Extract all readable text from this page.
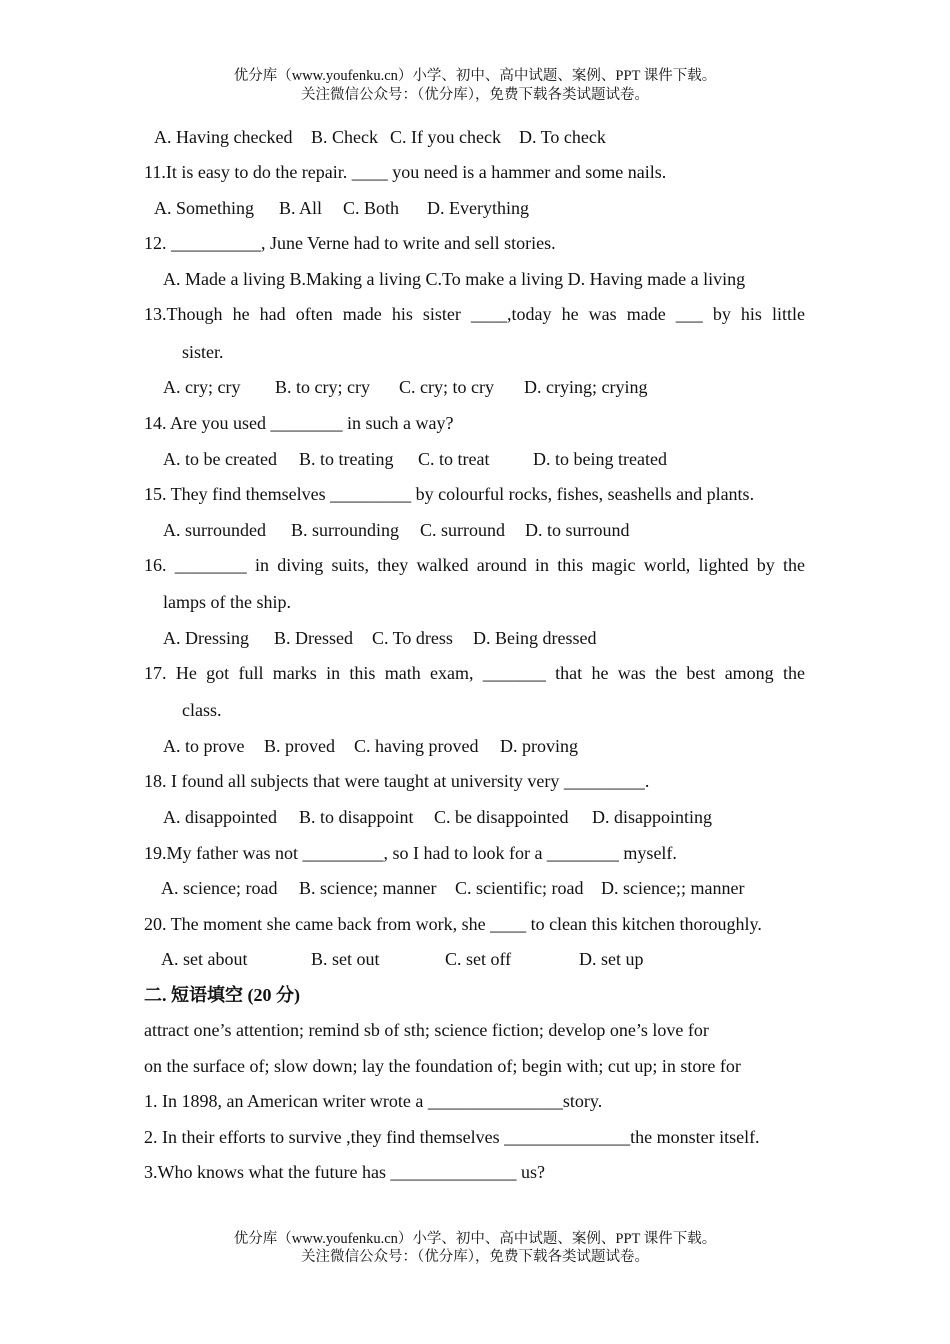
优分库（www.youfenku.cn）小学、初中、高中试题、案例、PPT 课件下载。
关注微信公众号：（优分库），免费下载各类试题试卷。
A. Having checked B. Check C. If you check D. To check
11.It is easy to do the repair. ____ you need is a hammer and some nails.
A. Something B. All C. Both D. Everything
12. __________, June Verne had to write and sell stories.
A. Made a living B.Making a living C.To make a living D. Having made a living
13.Though he had often made his sister ____,today he was made ___ by his little
sister.
A. cry; cry B. to cry; cry C. cry; to cry D. crying; crying
14. Are you used ________ in such a way?
A. to be created B. to treating C. to treat D. to being treated
15. They find themselves _________ by colourful rocks, fishes, seashells and plants.
A. surrounded B. surrounding C. surround D. to surround
16. ________ in diving suits, they walked around in this magic world, lighted by the
lamps of the ship.
A. Dressing B. Dressed C. To dress D. Being dressed
17. He got full marks in this math exam, _______ that he was the best among the
class.
A. to prove B. proved C. having proved D. proving
18. I found all subjects that were taught at university very _________.
A. disappointed B. to disappoint C. be disappointed D. disappointing
19.My father was not _________, so I had to look for a ________ myself.
A. science; road B. science; manner C. scientific; road D. science;; manner
20. The moment she came back from work, she ____ to clean this kitchen thoroughly.
A. set about	B. set out	C. set off	D. set up
二. 短语填空 (20 分)
attract one’s attention; remind sb of sth; science fiction; develop one’s love for
on the surface of; slow down; lay the foundation of; begin with; cut up; in store for
1. In 1898, an American writer wrote a _______________story.
2. In their efforts to survive ,they find themselves ______________the monster itself.
3.Who knows what the future has ______________ us?
优分库（www.youfenku.cn）小学、初中、高中试题、案例、PPT 课件下载。
关注微信公众号：（优分库），免费下载各类试题试卷。
